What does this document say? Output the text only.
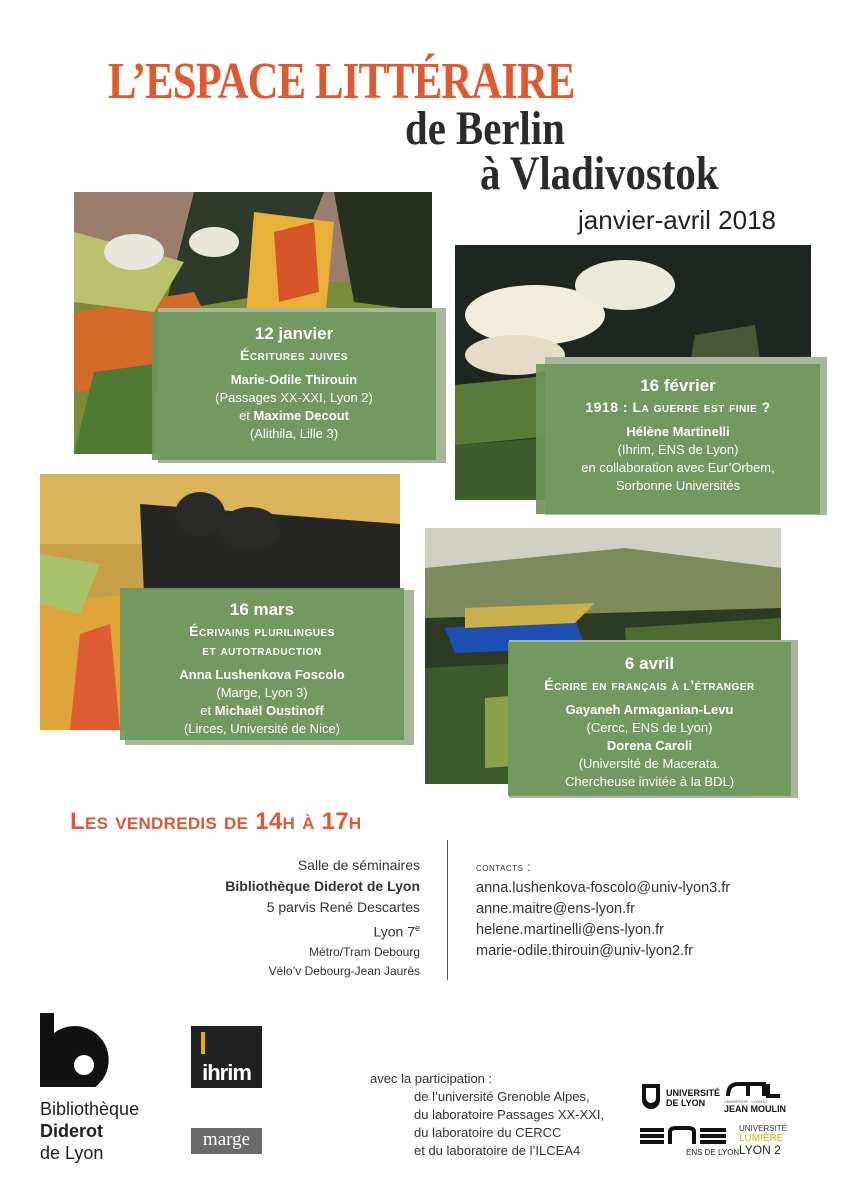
L’ESPACE LITTÉRAIRE
de Berlin
à Vladivostok
janvier-avril 2018
12 janvier
Écritures juives
Marie-Odile Thirouin
(Passages XX-XXI, Lyon 2)
et Maxime Decout
(Alithila, Lille 3)
16 février
1918 : La guerre est finie ?
Hélène Martinelli
(Ihrim, ENS de Lyon)
en collaboration avec Eur’Orbem,
Sorbonne Universités
16 mars
Écrivains plurilingues
et autotraduction
Anna Lushenkova Foscolo
(Marge, Lyon 3)
et Michaël Oustinoff
(Lirces, Université de Nice)
6 avril
Écrire en français à l’étranger
Gayaneh Armaganian-Levu
(Cercc, ENS de Lyon)
Dorena Caroli
(Université de Macerata.
Chercheuse invitée à la BDL)
Les vendredis de 14h à 17h
Salle de séminaires
Bibliothèque Diderot de Lyon
5 parvis René Descartes
Lyon 7e
Métro/Tram Debourg
Vélo’v Debourg-Jean Jaurès
contacts :
anna.lushenkova-foscolo@univ-lyon3.fr
anne.maitre@ens-lyon.fr
helene.martinelli@ens-lyon.fr
marie-odile.thirouin@univ-lyon2.fr
Bibliothèque
Diderot
de Lyon
ihrim
marge
avec la participation :
de l’université Grenoble Alpes,
du laboratoire Passages XX-XXI,
du laboratoire du CERCC
et du laboratoire de l’ILCEA4
UNIVERSITÉ
DE LYON	UNIVERSITÉ · LYON III
JEAN MOULIN
ENS DE LYON
UNIVERSITÉ
LUMIÈRE
LYON 2
